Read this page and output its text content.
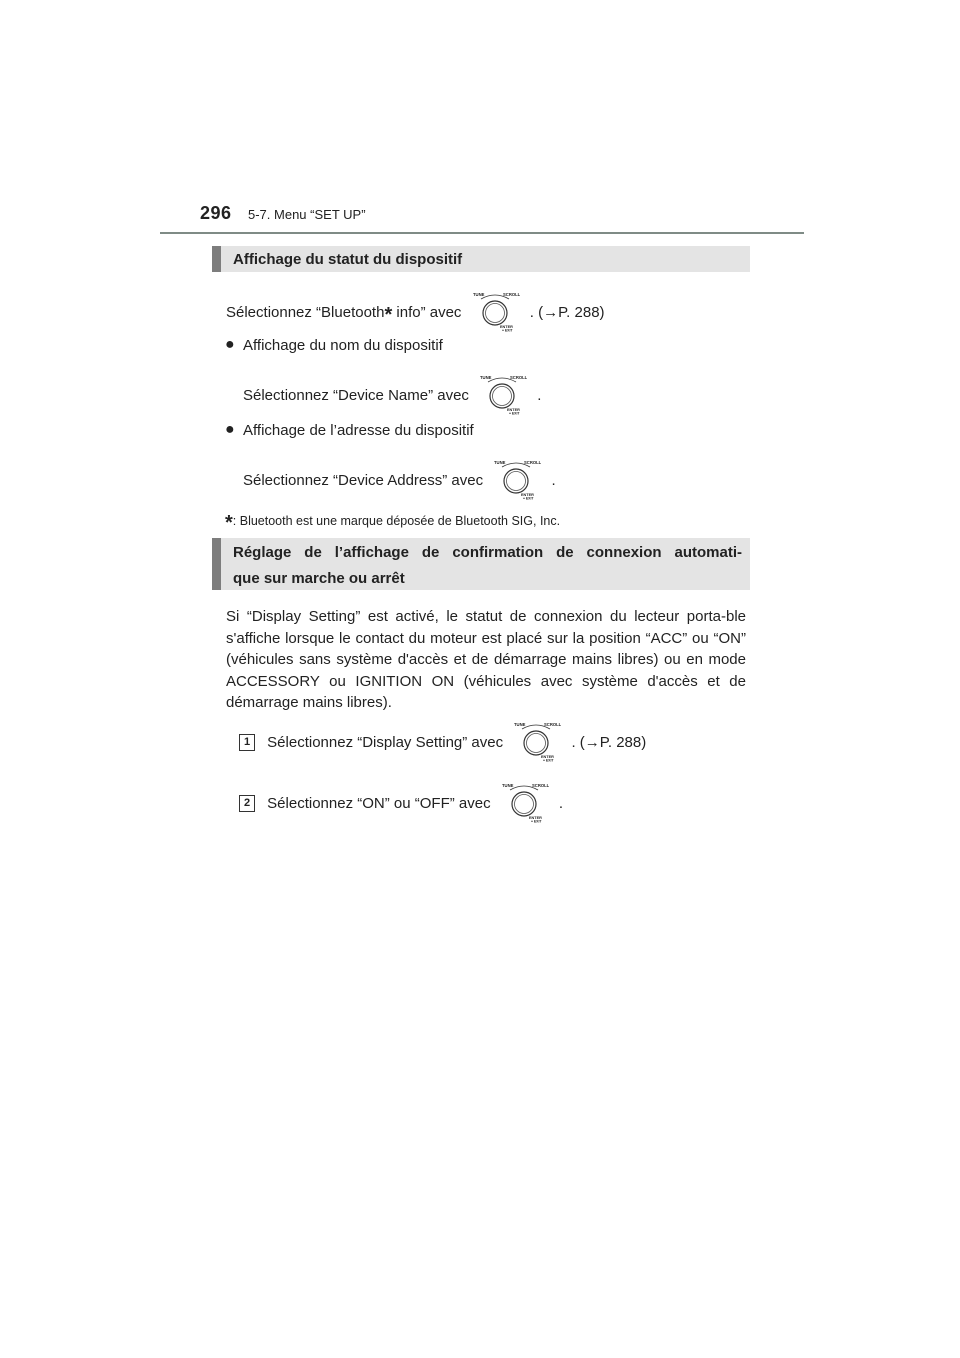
296 5-7. Menu “SET UP”
Affichage du statut du dispositif
Sélectionnez “Bluetooth* info” avec
TUNE	SCROLL
ENTER
+ EXIT
. (→P. 288)
● Affichage du nom du dispositif
Sélectionnez “Device Name” avec
TUNE	SCROLL
ENTER
+ EXIT
.
● Affichage de l’adresse du dispositif
Sélectionnez “Device Address” avec
TUNE	SCROLL
ENTER
+ EXIT
.
*: Bluetooth est une marque déposée de Bluetooth SIG, Inc.
Réglage de l’affichage de confirmation de connexion automati-
que sur marche ou arrêt
Si “Display Setting” est activé, le statut de connexion du lecteur porta-ble s'affiche lorsque le contact du moteur est placé sur la position “ACC” ou “ON” (véhicules sans système d'accès et de démarrage mains libres) ou en mode ACCESSORY ou IGNITION ON (véhicules avec système d'accès et de démarrage mains libres).
1 Sélectionnez “Display Setting” avec
TUNE	SCROLL
ENTER
+ EXIT
. (→P. 288)
2 Sélectionnez “ON” ou “OFF” avec
TUNE	SCROLL
ENTER
+ EXIT
.
